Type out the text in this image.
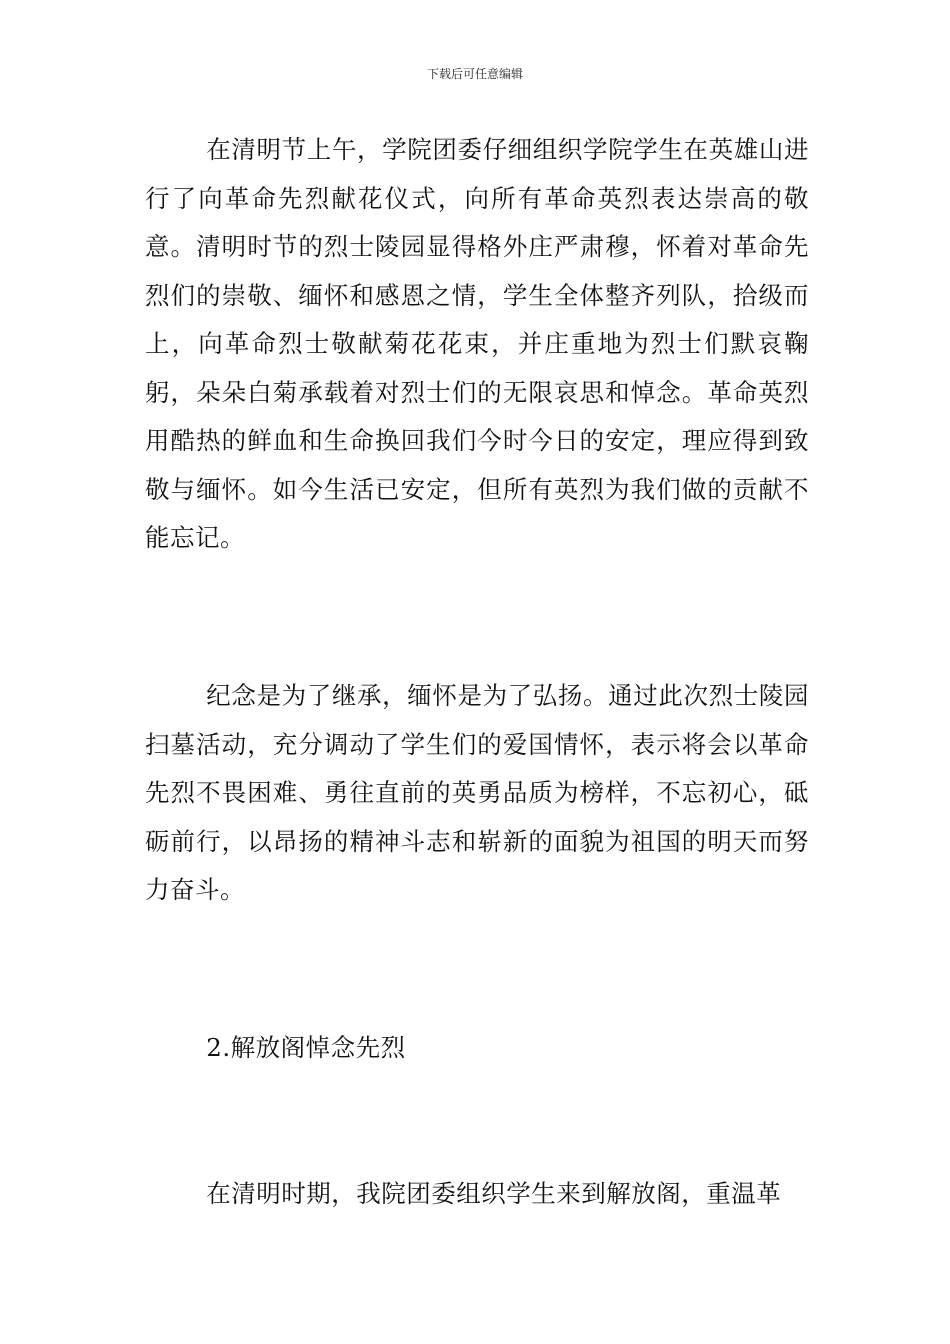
下载后可任意编辑

在清明节上午，学院团委仔细组织学院学生在英雄山进行了向革命先烈献花仪式，向所有革命英烈表达崇高的敬意。清明时节的烈士陵园显得格外庄严肃穆，怀着对革命先烈们的崇敬、缅怀和感恩之情，学生全体整齐列队，拾级而上，向革命烈士敬献菊花花束，并庄重地为烈士们默哀鞠躬，朵朵白菊承载着对烈士们的无限哀思和悼念。革命英烈用酷热的鲜血和生命换回我们今时今日的安定，理应得到致敬与缅怀。如今生活已安定，但所有英烈为我们做的贡献不能忘记。

纪念是为了继承，缅怀是为了弘扬。通过此次烈士陵园扫墓活动，充分调动了学生们的爱国情怀，表示将会以革命先烈不畏困难、勇往直前的英勇品质为榜样，不忘初心，砥砺前行，以昂扬的精神斗志和崭新的面貌为祖国的明天而努力奋斗。

2.解放阁悼念先烈

在清明时期，我院团委组织学生来到解放阁，重温革
